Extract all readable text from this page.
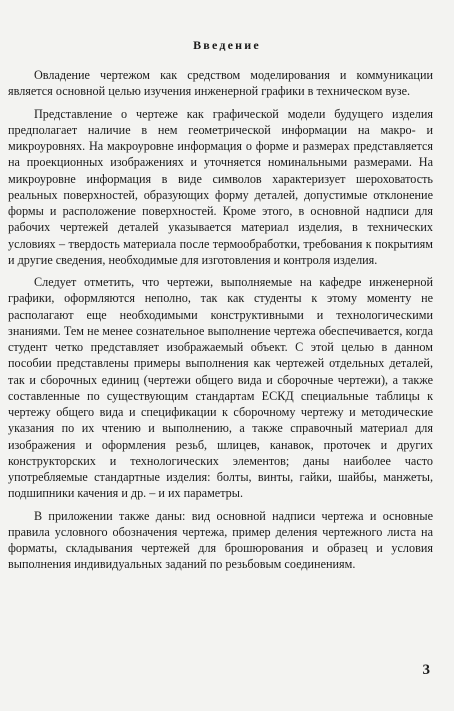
Введение

Овладение чертежом как средством моделирования и коммуникации является основной целью изучения инженерной графики в техническом вузе.

Представление о чертеже как графической модели будущего изделия предполагает наличие в нем геометрической информации на макро- и микроуровнях. На макроуровне информация о форме и размерах представляется на проекционных изображениях и уточняется номинальными размерами. На микроуровне информация в виде символов характеризует шероховатость реальных поверхностей, образующих форму деталей, допустимые отклонение формы и расположение поверхностей. Кроме этого, в основной надписи для рабочих чертежей деталей указывается материал изделия, в технических условиях – твердость материала после термообработки, требования к покрытиям и другие сведения, необходимые для изготовления и контроля изделия.

Следует отметить, что чертежи, выполняемые на кафедре инженерной графики, оформляются неполно, так как студенты к этому моменту не располагают еще необходимыми конструктивными и технологическими знаниями. Тем не менее сознательное выполнение чертежа обеспечивается, когда студент четко представляет изображаемый объект. С этой целью в данном пособии представлены примеры выполнения как чертежей отдельных деталей, так и сборочных единиц (чертежи общего вида и сборочные чертежи), а также составленные по существующим стандартам ЕСКД специальные таблицы к чертежу общего вида и спецификации к сборочному чертежу и методические указания по их чтению и выполнению, а также справочный материал для изображения и оформления резьб, шлицев, канавок, проточек и других конструкторских и технологических элементов; даны наиболее часто употребляемые стандартные изделия: болты, винты, гайки, шайбы, манжеты, подшипники качения и др. – и их параметры.

В приложении также даны: вид основной надписи чертежа и основные правила условного обозначения чертежа, пример деления чертежного листа на форматы, складывания чертежей для брошюрования и образец и условия выполнения индивидуальных заданий по резьбовым соединениям.

3
